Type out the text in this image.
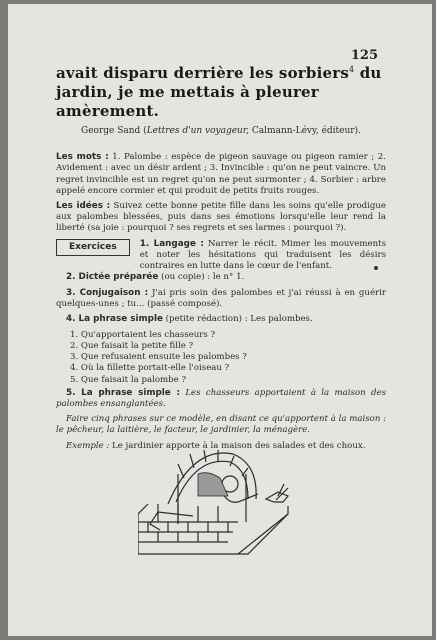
125

avait disparu derrière les sorbiers$^4$ du jardin, je me mettais à pleurer amèrement.

George Sand (Lettres d'un voyageur, Calmann-Lévy, éditeur).

Les mots : 1. Palombe : espèce de pigeon sauvage ou pigeon ramier ; 2. Avidement : avec un désir ardent ; 3. Invincible : qu'on ne peut vaincre. Un regret invincible est un regret qu'on ne peut surmonter ; 4. Sorbier : arbre appelé encore cormier et qui produit de petits fruits rouges.

Les idées : Suivez cette bonne petite fille dans les soins qu'elle prodigue aux palombes blessées, puis dans ses émotions lorsqu'elle leur rend la liberté (sa joie : pourquoi ? ses regrets et ses larmes : pourquoi ?).

Exercices	1. Langage : Narrer le récit. Mimer les mouvements et noter les hésitations qui traduisent les désirs contraires en lutte dans le cœur de l'enfant.

2. Dictée préparée (ou copie) : le n° 1.

3. Conjugaison : J'ai pris soin des palombes et j'ai réussi à en guérir quelques-unes ; tu... (passé composé).

4. La phrase simple (petite rédaction) : Les palombes.

1. Qu'apportaient les chasseurs ?
2. Que faisait la petite fille ?
3. Que refusaient ensuite les palombes ?
4. Où la fillette portait-elle l'oiseau ?
5. Que faisait la palombe ?

5. La phrase simple : Les chasseurs apportaient à la maison des palombes ensanglantées.

Faire cinq phrases sur ce modèle, en disant ce qu'apportent à la maison : le pêcheur, la laitière, le facteur, le jardinier, la ménagère.

Exemple : Le jardinier apporte à la maison des salades et des choux.
